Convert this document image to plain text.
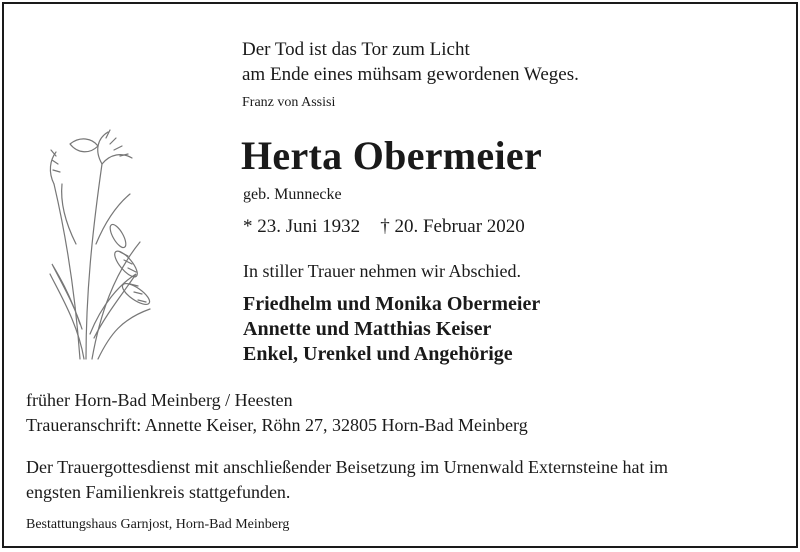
Der Tod ist das Tor zum Licht
am Ende eines mühsam gewordenen Weges.
Franz von Assisi
Herta Obermeier
geb. Munnecke
* 23. Juni 1932 † 20. Februar 2020
In stiller Trauer nehmen wir Abschied.
Friedhelm und Monika Obermeier
Annette und Matthias Keiser
Enkel, Urenkel und Angehörige
früher Horn-Bad Meinberg / Heesten
Traueranschrift: Annette Keiser, Röhn 27, 32805 Horn-Bad Meinberg
Der Trauergottesdienst mit anschließender Beisetzung im Urnenwald Externsteine hat im
engsten Familienkreis stattgefunden.
Bestattungshaus Garnjost, Horn-Bad Meinberg
